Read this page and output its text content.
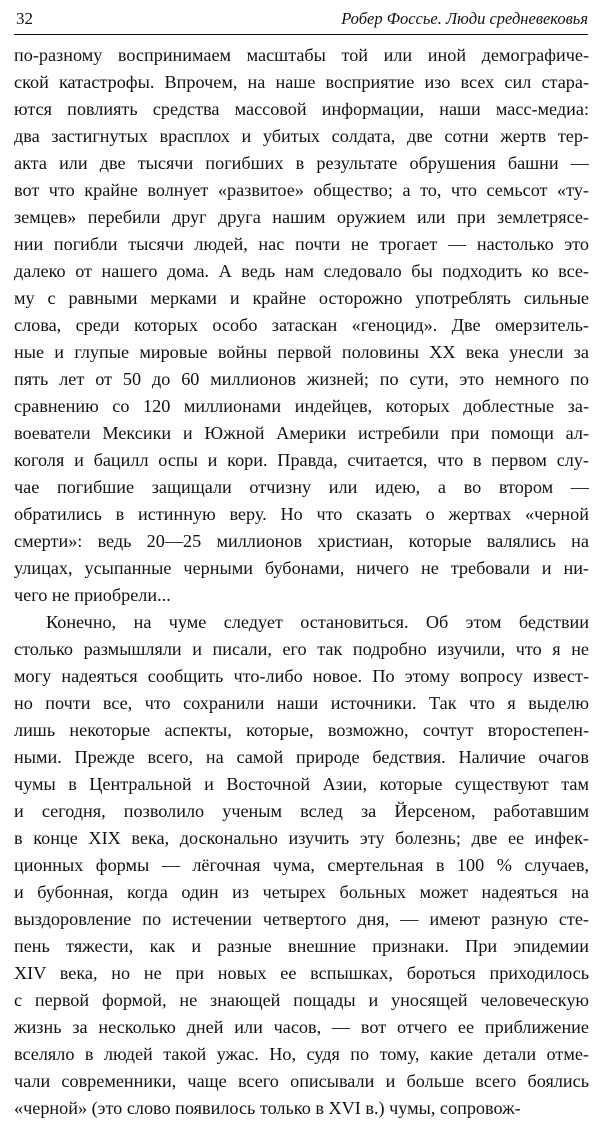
32	Робер Фоссье. Люди средневековья
по-разному воспринимаем масштабы той или иной демографиче-
ской катастрофы. Впрочем, на наше восприятие изо всех сил стара-
ются повлиять средства массовой информации, наши масс-медиа:
два застигнутых врасплох и убитых солдата, две сотни жертв тер-
акта или две тысячи погибших в результате обрушения башни —
вот что крайне волнует «развитое» общество; а то, что семьсот «ту-
земцев» перебили друг друга нашим оружием или при землетрясе-
нии погибли тысячи людей, нас почти не трогает — настолько это
далеко от нашего дома. А ведь нам следовало бы подходить ко все-
му с равными мерками и крайне осторожно употреблять сильные
слова, среди которых особо затаскан «геноцид». Две омерзитель-
ные и глупые мировые войны первой половины XX века унесли за
пять лет от 50 до 60 миллионов жизней; по сути, это немного по
сравнению со 120 миллионами индейцев, которых доблестные за-
воеватели Мексики и Южной Америки истребили при помощи ал-
коголя и бацилл оспы и кори. Правда, считается, что в первом слу-
чае погибшие защищали отчизну или идею, а во втором —
обратились в истинную веру. Но что сказать о жертвах «черной
смерти»: ведь 20—25 миллионов христиан, которые валялись на
улицах, усыпанные черными бубонами, ничего не требовали и ни-
чего не приобрели...
Конечно, на чуме следует остановиться. Об этом бедствии
столько размышляли и писали, его так подробно изучили, что я не
могу надеяться сообщить что-либо новое. По этому вопросу извест-
но почти все, что сохранили наши источники. Так что я выделю
лишь некоторые аспекты, которые, возможно, сочтут второстепен-
ными. Прежде всего, на самой природе бедствия. Наличие очагов
чумы в Центральной и Восточной Азии, которые существуют там
и сегодня, позволило ученым вслед за Йерсеном, работавшим
в конце XIX века, досконально изучить эту болезнь; две ее инфек-
ционных формы — лёгочная чума, смертельная в 100 % случаев,
и бубонная, когда один из четырех больных может надеяться на
выздоровление по истечении четвертого дня, — имеют разную сте-
пень тяжести, как и разные внешние признаки. При эпидемии
XIV века, но не при новых ее вспышках, бороться приходилось
с первой формой, не знающей пощады и уносящей человеческую
жизнь за несколько дней или часов, — вот отчего ее приближение
вселяло в людей такой ужас. Но, судя по тому, какие детали отме-
чали современники, чаще всего описывали и больше всего боялись
«черной» (это слово появилось только в XVI в.) чумы, сопровож-
